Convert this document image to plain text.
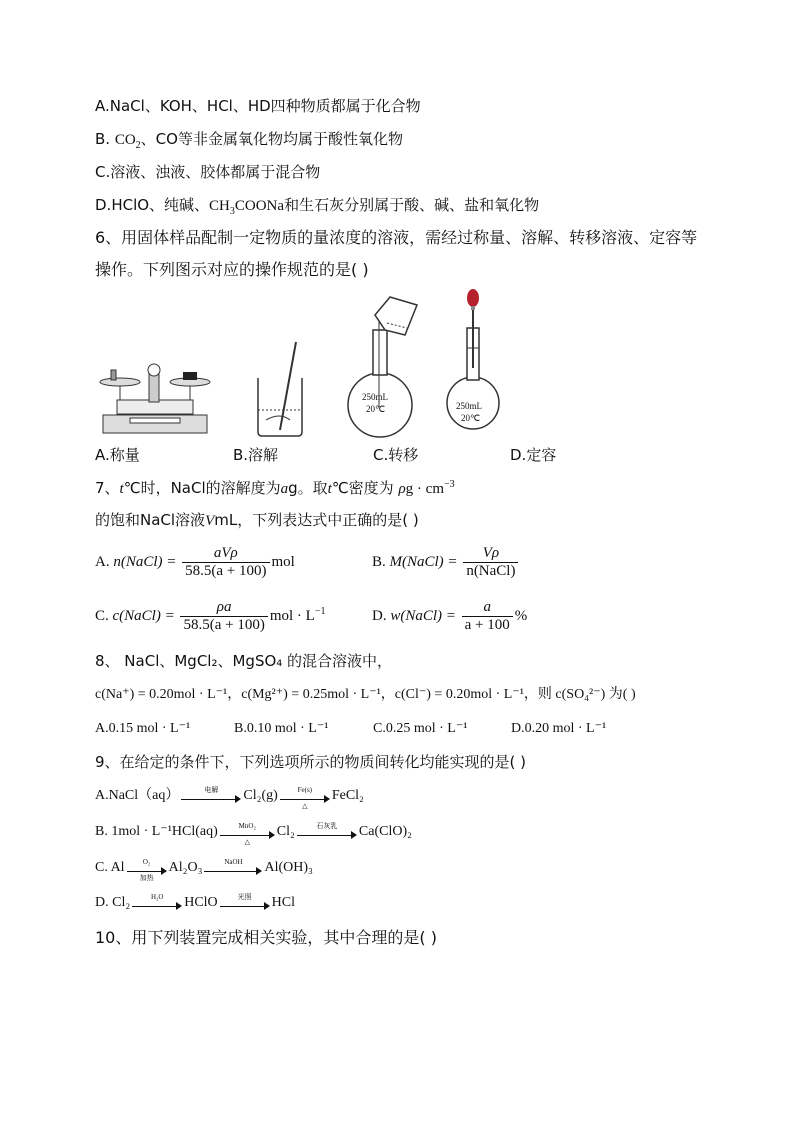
A.NaCl、KOH、HCl、HD四种物质都属于化合物
B. $CO_2$、CO等非金属氧化物均属于酸性氧化物
C.溶液、浊液、胶体都属于混合物
D.HClO、纯碱、$CH_3COONa$和生石灰分别属于酸、碱、盐和氧化物
6、用固体样品配制一定物质的量浓度的溶液，需经过称量、溶解、转移溶液、定容等
操作。下列图示对应的操作规范的是( )
250mL
20℃	250mL
20℃
A.称量	B.溶解	C.转移	D.定容
7、t℃时，NaCl的溶解度为ag。取t℃密度为 $\rho g \cdot cm^{-3}$
的饱和NaCl溶液VmL，下列表达式中正确的是( )
A. n(NaCl) = $\frac{\text{aVρ}}{58.5(a + 100)}$ mol	B. M(NaCl) = $\frac{V\rho}{\text{n(NaCl)}}$
C. c(NaCl) = $\frac{\rho a}{58.5(a + 100)}$ mol · $L^{-1}$	D. w(NaCl) = $\frac{a}{a + 100}$ %
8、 NaCl、MgCl₂、MgSO₄ 的混合溶液中，
c(Na⁺) = 0.20mol · L⁻¹，c(Mg²⁺) = 0.25mol · L⁻¹，c(Cl⁻) = 0.20mol · L⁻¹，则 c(SO₄²⁻) 为( )
A.0.15 mol · L⁻¹	B.0.10 mol · L⁻¹	C.0.25 mol · L⁻¹	D.0.20 mol · L⁻¹
9、在给定的条件下，下列选项所示的物质间转化均能实现的是( )
A.NaCl（aq）	电解	Cl₂(g)	Fe(s)
△
FeCl₂
B. 1mol · L⁻¹HCl(aq)	MnO₂
△
Cl₂	石灰乳	Ca(ClO)₂
C. Al	O₂
加热
Al₂O₃	NaOH	Al(OH)₃
D. Cl₂	H₂O	HClO	光照	HCl
10、用下列装置完成相关实验，其中合理的是( )
